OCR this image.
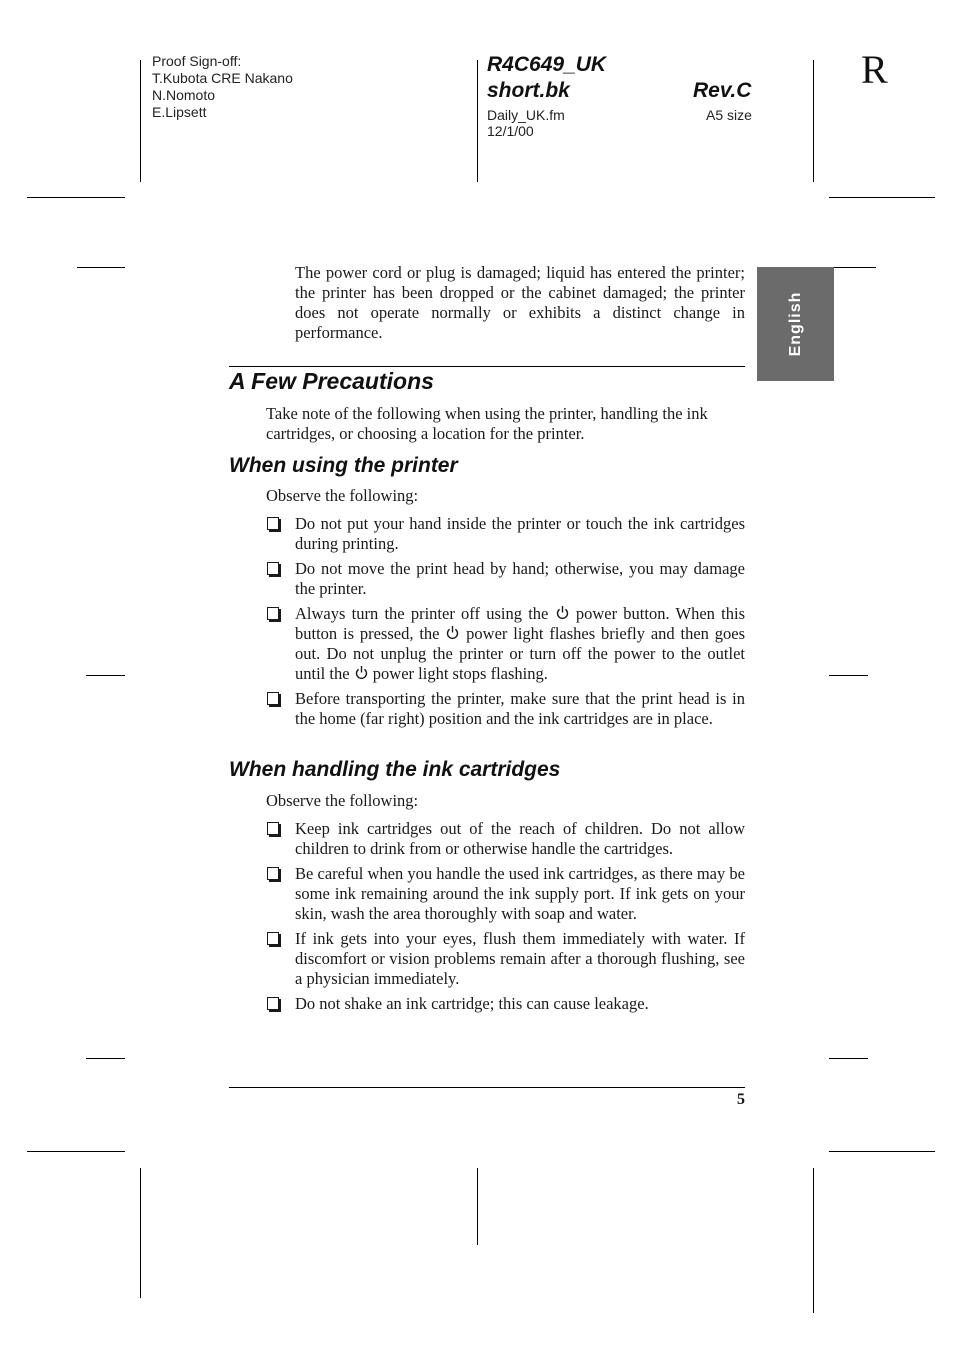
Proof Sign-off:
T.Kubota CRE Nakano
N.Nomoto
E.Lipsett
R4C649_UK
short.bk	Rev.C
Daily_UK.fm
12/1/00
A5 size
R
English
The power cord or plug is damaged; liquid has entered the printer; the printer has been dropped or the cabinet damaged; the printer does not operate normally or exhibits a distinct change in performance.
A Few Precautions
Take note of the following when using the printer, handling the ink cartridges, or choosing a location for the printer.
When using the printer
Observe the following:
Do not put your hand inside the printer or touch the ink cartridges during printing.
Do not move the print head by hand; otherwise, you may damage the printer.
Always turn the printer off using the power button. When this button is pressed, the power light flashes briefly and then goes out. Do not unplug the printer or turn off the power to the outlet until the power light stops flashing.
Before transporting the printer, make sure that the print head is in the home (far right) position and the ink cartridges are in place.
When handling the ink cartridges
Observe the following:
Keep ink cartridges out of the reach of children. Do not allow children to drink from or otherwise handle the cartridges.
Be careful when you handle the used ink cartridges, as there may be some ink remaining around the ink supply port. If ink gets on your skin, wash the area thoroughly with soap and water.
If ink gets into your eyes, flush them immediately with water. If discomfort or vision problems remain after a thorough flushing, see a physician immediately.
Do not shake an ink cartridge; this can cause leakage.
5
